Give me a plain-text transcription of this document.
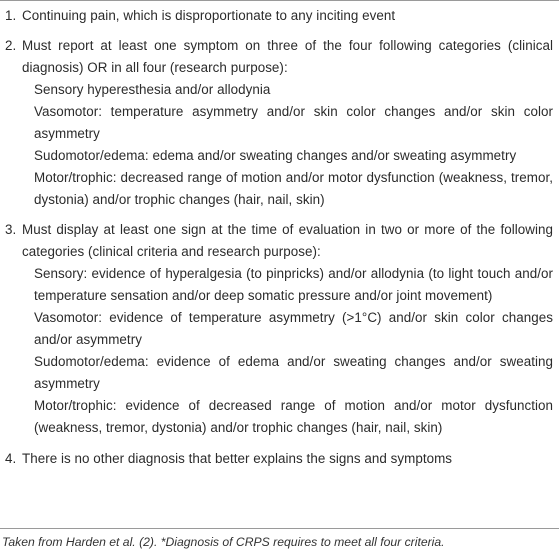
1. Continuing pain, which is disproportionate to any inciting event
2. Must report at least one symptom on three of the four following categories (clinical diagnosis) OR in all four (research purpose):
Sensory hyperesthesia and/or allodynia
Vasomotor: temperature asymmetry and/or skin color changes and/or skin color asymmetry
Sudomotor/edema: edema and/or sweating changes and/or sweating asymmetry
Motor/trophic: decreased range of motion and/or motor dysfunction (weakness, tremor, dystonia) and/or trophic changes (hair, nail, skin)
3. Must display at least one sign at the time of evaluation in two or more of the following categories (clinical criteria and research purpose):
Sensory: evidence of hyperalgesia (to pinpricks) and/or allodynia (to light touch and/or temperature sensation and/or deep somatic pressure and/or joint movement)
Vasomotor: evidence of temperature asymmetry (>1°C) and/or skin color changes and/or asymmetry
Sudomotor/edema: evidence of edema and/or sweating changes and/or sweating asymmetry
Motor/trophic: evidence of decreased range of motion and/or motor dysfunction (weakness, tremor, dystonia) and/or trophic changes (hair, nail, skin)
4. There is no other diagnosis that better explains the signs and symptoms
Taken from Harden et al. (2). *Diagnosis of CRPS requires to meet all four criteria.
